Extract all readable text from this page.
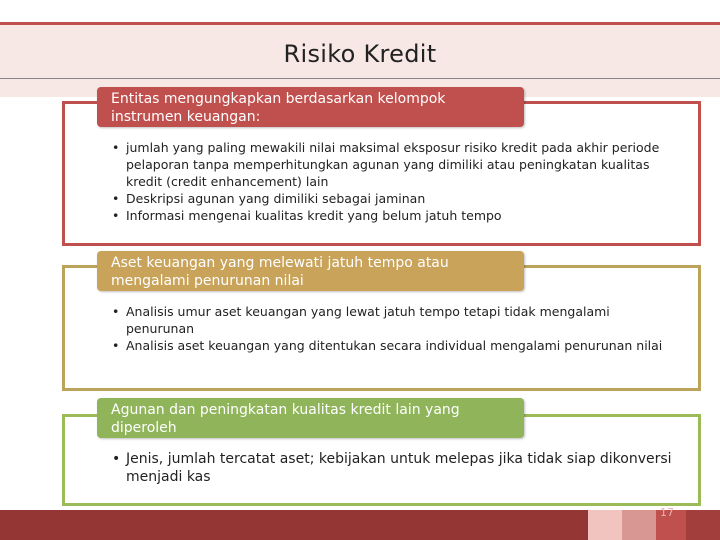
Risiko Kredit
Entitas mengungkapkan berdasarkan kelompok
instrumen keuangan:
• jumlah yang paling mewakili nilai maksimal eksposur risiko kredit pada akhir periode pelaporan tanpa memperhitungkan agunan yang dimiliki atau peningkatan kualitas kredit (credit enhancement) lain
• Deskripsi agunan yang dimiliki sebagai jaminan
• Informasi mengenai kualitas kredit yang belum jatuh tempo
Aset keuangan yang melewati jatuh tempo atau
mengalami penurunan nilai
• Analisis umur aset keuangan yang lewat jatuh tempo tetapi tidak mengalami penurunan
• Analisis aset keuangan yang ditentukan secara individual mengalami penurunan nilai
Agunan dan peningkatan kualitas kredit lain yang
diperoleh
• Jenis, jumlah tercatat aset; kebijakan untuk melepas jika tidak siap dikonversi menjadi kas
17
